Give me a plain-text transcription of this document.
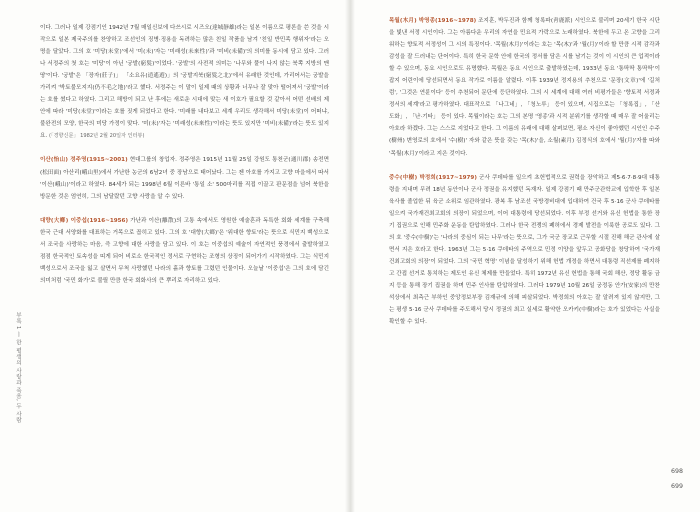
부록 1 ㅣ 한 평생의 사랑과 죽음, 두 사람

이다. 그러나 일제 강점기인 1942년 7월 매일신보에 다쓰시로 시즈오(達城靜雄)라는 일본 이름으로 평론을 쓴 것을 시작으로 일본 제국주의를 찬양하고 조선인의 징병·징용을 독려하는 많은 친일 작품을 남겨 '친일 반민족 행위자'라는 오명을 달았다. 그의 호 '미당(未堂)'에서 '미(未)'자는 '미래성(未來性)'과 '미비(未備)'의 의미를 동시에 담고 있다. 그러나 서정주의 첫 호는 '미당'이 아닌 '궁발(窮髮)'이었다. '궁발'의 사전적 의미는 '나무와 풀이 나지 않는 북쪽 지방의 맨땅'이다. '궁발'은 「장자(莊子)」 「소요유(逍遙遊)」의 '궁발지북(窮髮之北)'에서 유래한 것인데, 가리어서는 궁발을 가리켜 '박토불모지지(仍不毛之地)'라고 했다. 서정주는 이 말이 일제 때의 상황과 너무나 잘 맞아 떨어져서 '궁발'이라는 호를 썼다고 하였다. 그리고 해방이 되고 난 후에는 새로운 시대에 맞는 새 이호가 필요할 것 같아서 어떤 선배의 제안에 따라 '미당(未堂)'이라는 호를 짓게 되었다고 한다. '미래를 내다보고 세계 우리도 생각해서 미당(未堂)이 어떠냐, 불완전의 모양, 한국의 미당 가정이 맞다. '미(未)'자는 '미래성(未來性)'이라는 뜻도 있지만 '미비(未備)'라는 뜻도 있지요. (「경향신문」 1982년 2월 20일자 인터뷰)

이산(怡山) 정주영(1915~2001) 현대그룹의 창업자. 정주영은 1915년 11월 25일 강원도 통천군(通川郡) 송전면(松田面) 아산리(峨山里)에서 가난한 농군의 6남2녀 중 장남으로 태어났다. 그는 젠 아호를 가지고 고향 마을에서 따서 '이산(峨山)'이라고 하였다. 84세가 되는 1998년 6월 이른바 '통일 소' 500마리를 직접 이끌고 판문점을 넘어 북한을 방문한 것은 엄연히, 그의 남달랐던 고향 사랑을 알 수 있다.

대향(大鄕) 이중섭(1916~1956) 가난과 이산(離散)의 고통 속에서도 영원한 예술혼과 독특한 회화 세계를 구축해 한국 근대 서양화를 대표하는 거목으로 꼽히고 있다. 그의 호 '대향(大鄕)'은 '위대한 향토'라는 뜻으로 식민지 백성으로서 조국을 사랑하는 마음, 즉 고향에 대한 사랑을 담고 있다. 이 호는 이중섭의 예술이 자연적인 풍경에서 출발하였고 점점 한국적인 토속성을 띠게 되어 비로소 한국적인 정서로 구현하는 조형의 상징이 되어가기 시작하였다. 그는 식민지 백성으로서 조국을 잃고 살면서 무척 사랑했던 나라의 흙과 향토를 그렸던 인물이다. 오늘날 '이중섭'은 그의 호에 담긴 의미처럼 '국민 화가'로 불릴 만큼 한국 회화사의 큰 뿌리로 자리하고 있다.

목월(木月) 박영종(1916~1978) 조지훈, 박두진과 함께 청록파(靑鹿派) 시인으로 불리며 20세기 한국 시단을 빛낸 서정 시인이다. 그는 아름다운 우리의 자연을 민요적 가락으로 노래하였다. 북한에 두고 온 고향을 그리워하는 향토적 서정성이 그 시의 특징이다. '목월(木月)'이라는 호는 '목(木)'과 '월(月)'이라 할 만큼 시적 감각과 감성을 잘 드러내는 단어이다. 특히 한국 문학 안에 한국의 정서를 담은 시를 남기는 것이 이 시인의 큰 업적이라 할 수 있으며, 동요 시인으로도 유명했다. 목월은 동요 시인으로 출발하였는데, 1933년 동요 '통딱딱 통딱딱'이 잡지 어린이에 당선되면서 동요 작가로 이름을 알렸다. 이후 1939년 정지용의 추천으로 '문장(文章)'에 '길처럼', '그것은 연륜이다' 등이 추천되어 문단에 등단하였다. 그의 시 세계에 대해 여러 비평가들은 '향토적 서정과 정서의 세계'라고 평가하였다. 대표작으로 「나그네」, 「청노루」 등이 있으며, 시집으로는 「청록집」, 「산도화」, 「난·기타」 등이 있다. 목월이라는 호는 그의 본명 '영종'과 시적 분위기를 생각할 때 매우 잘 어울리는 아호라 하겠다. 그는 스스로 지었다고 한다. 그 이름의 유래에 대해 살펴보면, 평소 자신이 좋아했던 시인인 수주(樹州) 변영로의 호에서 '수(樹)' 자와 같은 뜻을 갖는 '목(木)'을, 소월(素月) 김정식의 호에서 '월(月)'자를 따와 '목월(木月)'이라고 지은 것이다.

중수(中樹) 박정희(1917~1979) 군사 쿠데타를 일으켜 초헌법적으로 권력을 장악하고 제5·6·7·8·9대 대통령을 지내며 무려 18년 동안이나 군사 정권을 유지했던 독재자. 일제 강점기 때 만주군관학교에 입학한 후 일본 육사를 졸업한 뒤 육군 소위로 임관하였다. 광복 후 남조선 국방경비대에 입대하여 건국 후 5·16 군사 쿠데타를 일으켜 국가재건최고회의 의장이 되었으며, 이어 대통령에 당선되었다. 이후 부정 선거와 유신 헌법을 통한 장기 집권으로 인해 민주화 운동을 탄압하였다. 그러나 한국 전쟁의 폐허에서 경제 발전을 이룩한 공로도 있다. 그의 호 '중수(中樹)'는 '나라의 중심이 되는 나무'라는 뜻으로, 그가 국군 장교로 근무할 시절 진해 해군 관사에 살면서 지은 호라고 한다. 1963년 그는 5·16 쿠데타의 주역으로 민정 이양을 앞두고 공화당을 창당하여 '국가재건최고회의 의장'이 되었다. 그의 '국민 혁명' 이념을 달성하기 위해 헌법 개정을 하면서 대통령 직선제를 폐지하고 간접 선거로 통치하는 제도인 유신 체제를 만들었다. 특히 1972년 유신 헌법을 통해 국회 해산, 정당 활동 금지 등을 통해 장기 집권을 하며 민주 인사를 탄압하였다. 그러다 1979년 10월 26일 궁정동 안가(安家)의 만찬 석상에서 최측근 부하인 중앙정보부장 김재규에 의해 피살되었다. 박정희의 아호는 잘 알려져 있지 않지만, 그는 평생 5·16 군사 쿠데타를 주도해서 당시 정권의 최고 실세로 활약한 오카키(中樹)라는 호가 있었다는 사실을 확인할 수 있다.

698
699
